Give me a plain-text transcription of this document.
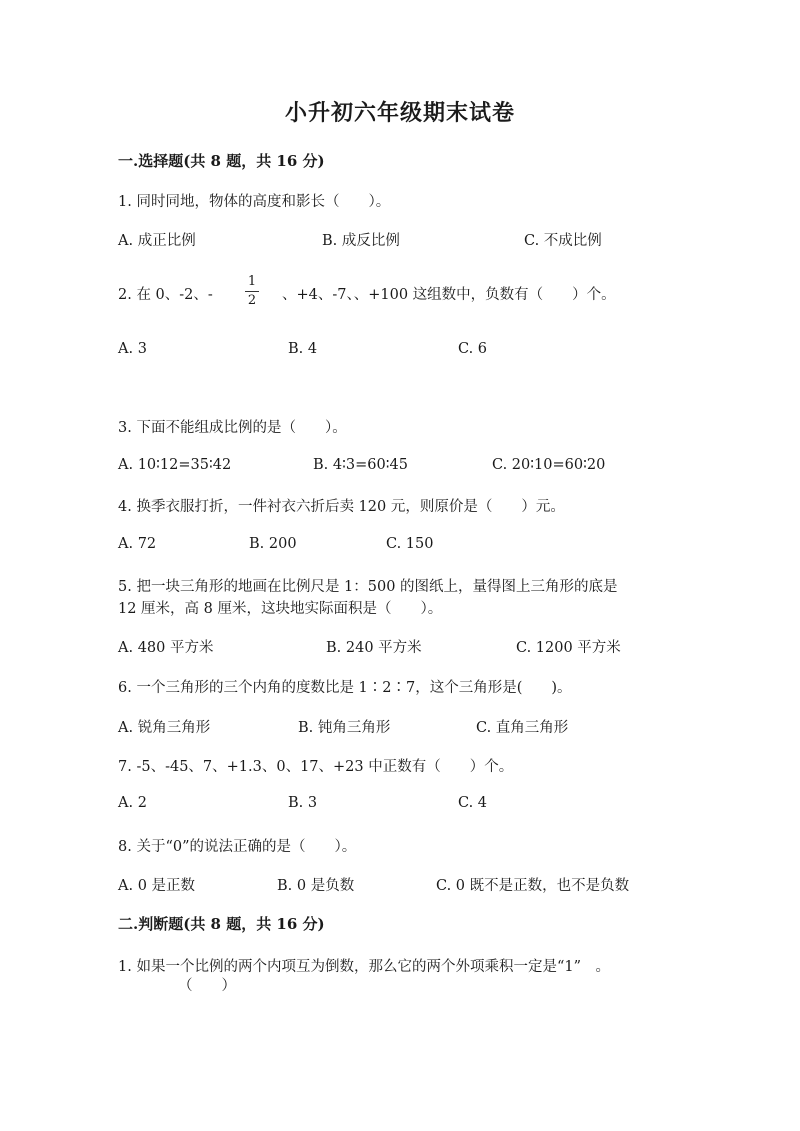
小升初六年级期末试卷
一.选择题(共 8 题，共 16 分)
1. 同时同地，物体的高度和影长（　　）。
A. 成正比例	B. 成反比例	C. 不成比例
2. 在 0、-2、-
1
2 、+4、-7、、+100 这组数中，负数有（　　）个。
A. 3	B. 4	C. 6
3. 下面不能组成比例的是（　　）。
A. 10∶12=35∶42	B. 4∶3=60∶45	C. 20∶10=60∶20
4. 换季衣服打折，一件衬衣六折后卖 120 元，则原价是（　　）元。
A. 72	B. 200	C. 150
5. 把一块三角形的地画在比例尺是 1：500 的图纸上，量得图上三角形的底是
12 厘米，高 8 厘米，这块地实际面积是（　　）。
A. 480 平方米	B. 240 平方米	C. 1200 平方米
6. 一个三角形的三个内角的度数比是 1∶2∶7，这个三角形是(　　)。
A. 锐角三角形	B. 钝角三角形	C. 直角三角形
7. -5、-45、7、+1.3、0、17、+23 中正数有（　　）个。
A. 2	B. 3	C. 4
8. 关于“0”的说法正确的是（　　）。
A. 0 是正数	B. 0 是负数	C. 0 既不是正数，也不是负数
二.判断题(共 8 题，共 16 分)
1. 如果一个比例的两个内项互为倒数，那么它的两个外项乘积一定是“1”　。
（　　）
